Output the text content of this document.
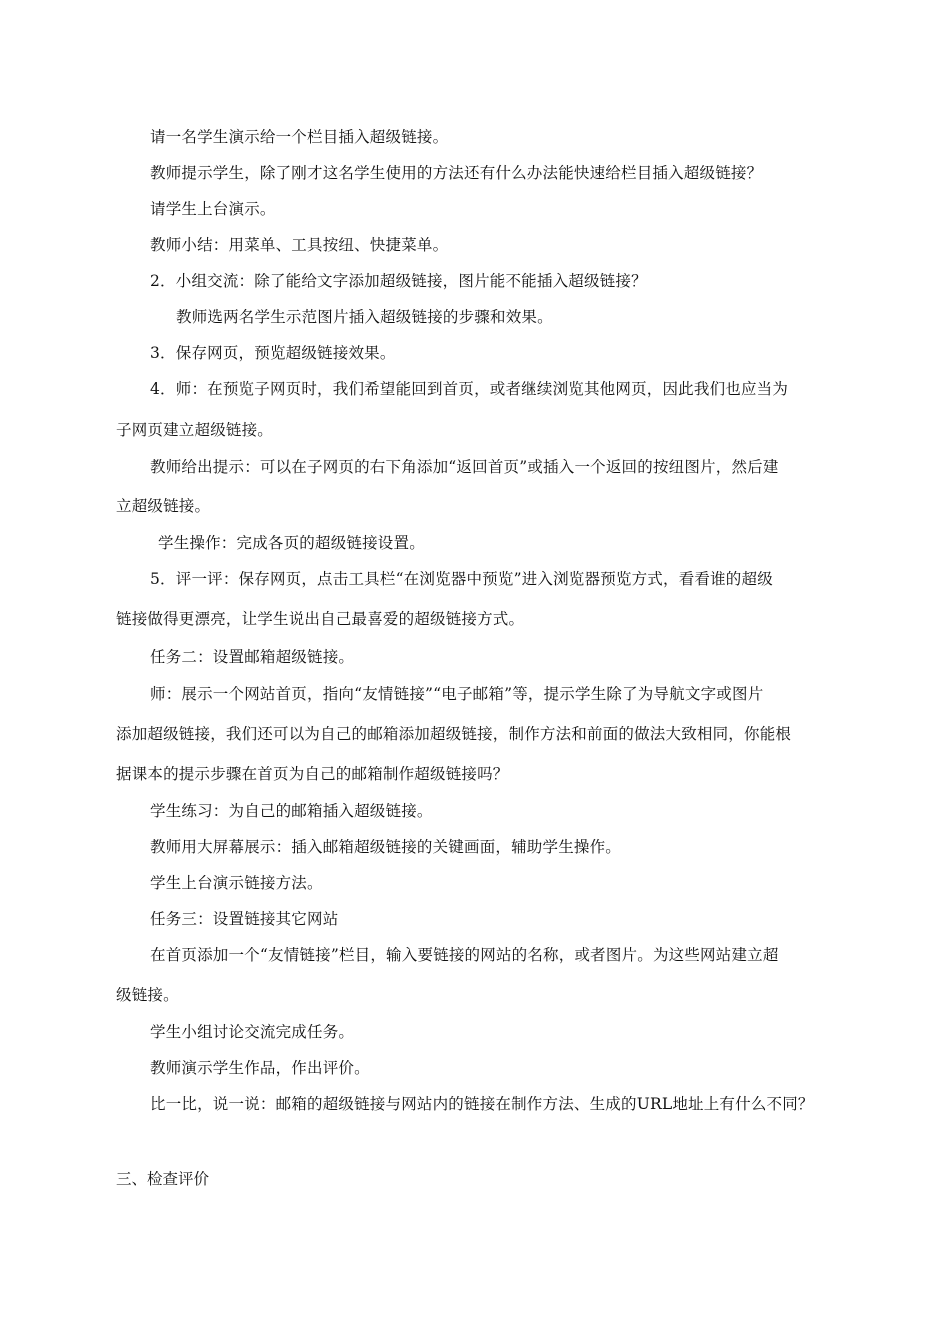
请一名学生演示给一个栏目插入超级链接。
教师提示学生，除了刚才这名学生使用的方法还有什么办法能快速给栏目插入超级链接？
请学生上台演示。
教师小结：用菜单、工具按纽、快捷菜单。
2．小组交流：除了能给文字添加超级链接，图片能不能插入超级链接？
教师选两名学生示范图片插入超级链接的步骤和效果。
3．保存网页，预览超级链接效果。
4．师：在预览子网页时，我们希望能回到首页，或者继续浏览其他网页，因此我们也应当为
子网页建立超级链接。
教师给出提示：可以在子网页的右下角添加“返回首页”或插入一个返回的按纽图片，然后建
立超级链接。
学生操作：完成各页的超级链接设置。
5．评一评：保存网页，点击工具栏“在浏览器中预览”进入浏览器预览方式，看看谁的超级
链接做得更漂亮，让学生说出自己最喜爱的超级链接方式。
任务二：设置邮箱超级链接。
师：展示一个网站首页，指向“友情链接”“电子邮箱”等，提示学生除了为导航文字或图片
添加超级链接，我们还可以为自己的邮箱添加超级链接，制作方法和前面的做法大致相同，你能根
据课本的提示步骤在首页为自己的邮箱制作超级链接吗？
学生练习：为自己的邮箱插入超级链接。
教师用大屏幕展示：插入邮箱超级链接的关键画面，辅助学生操作。
学生上台演示链接方法。
任务三：设置链接其它网站
在首页添加一个“友情链接”栏目，输入要链接的网站的名称，或者图片。为这些网站建立超
级链接。
学生小组讨论交流完成任务。
教师演示学生作品，作出评价。
比一比，说一说：邮箱的超级链接与网站内的链接在制作方法、生成的URL地址上有什么不同？
三、检查评价
